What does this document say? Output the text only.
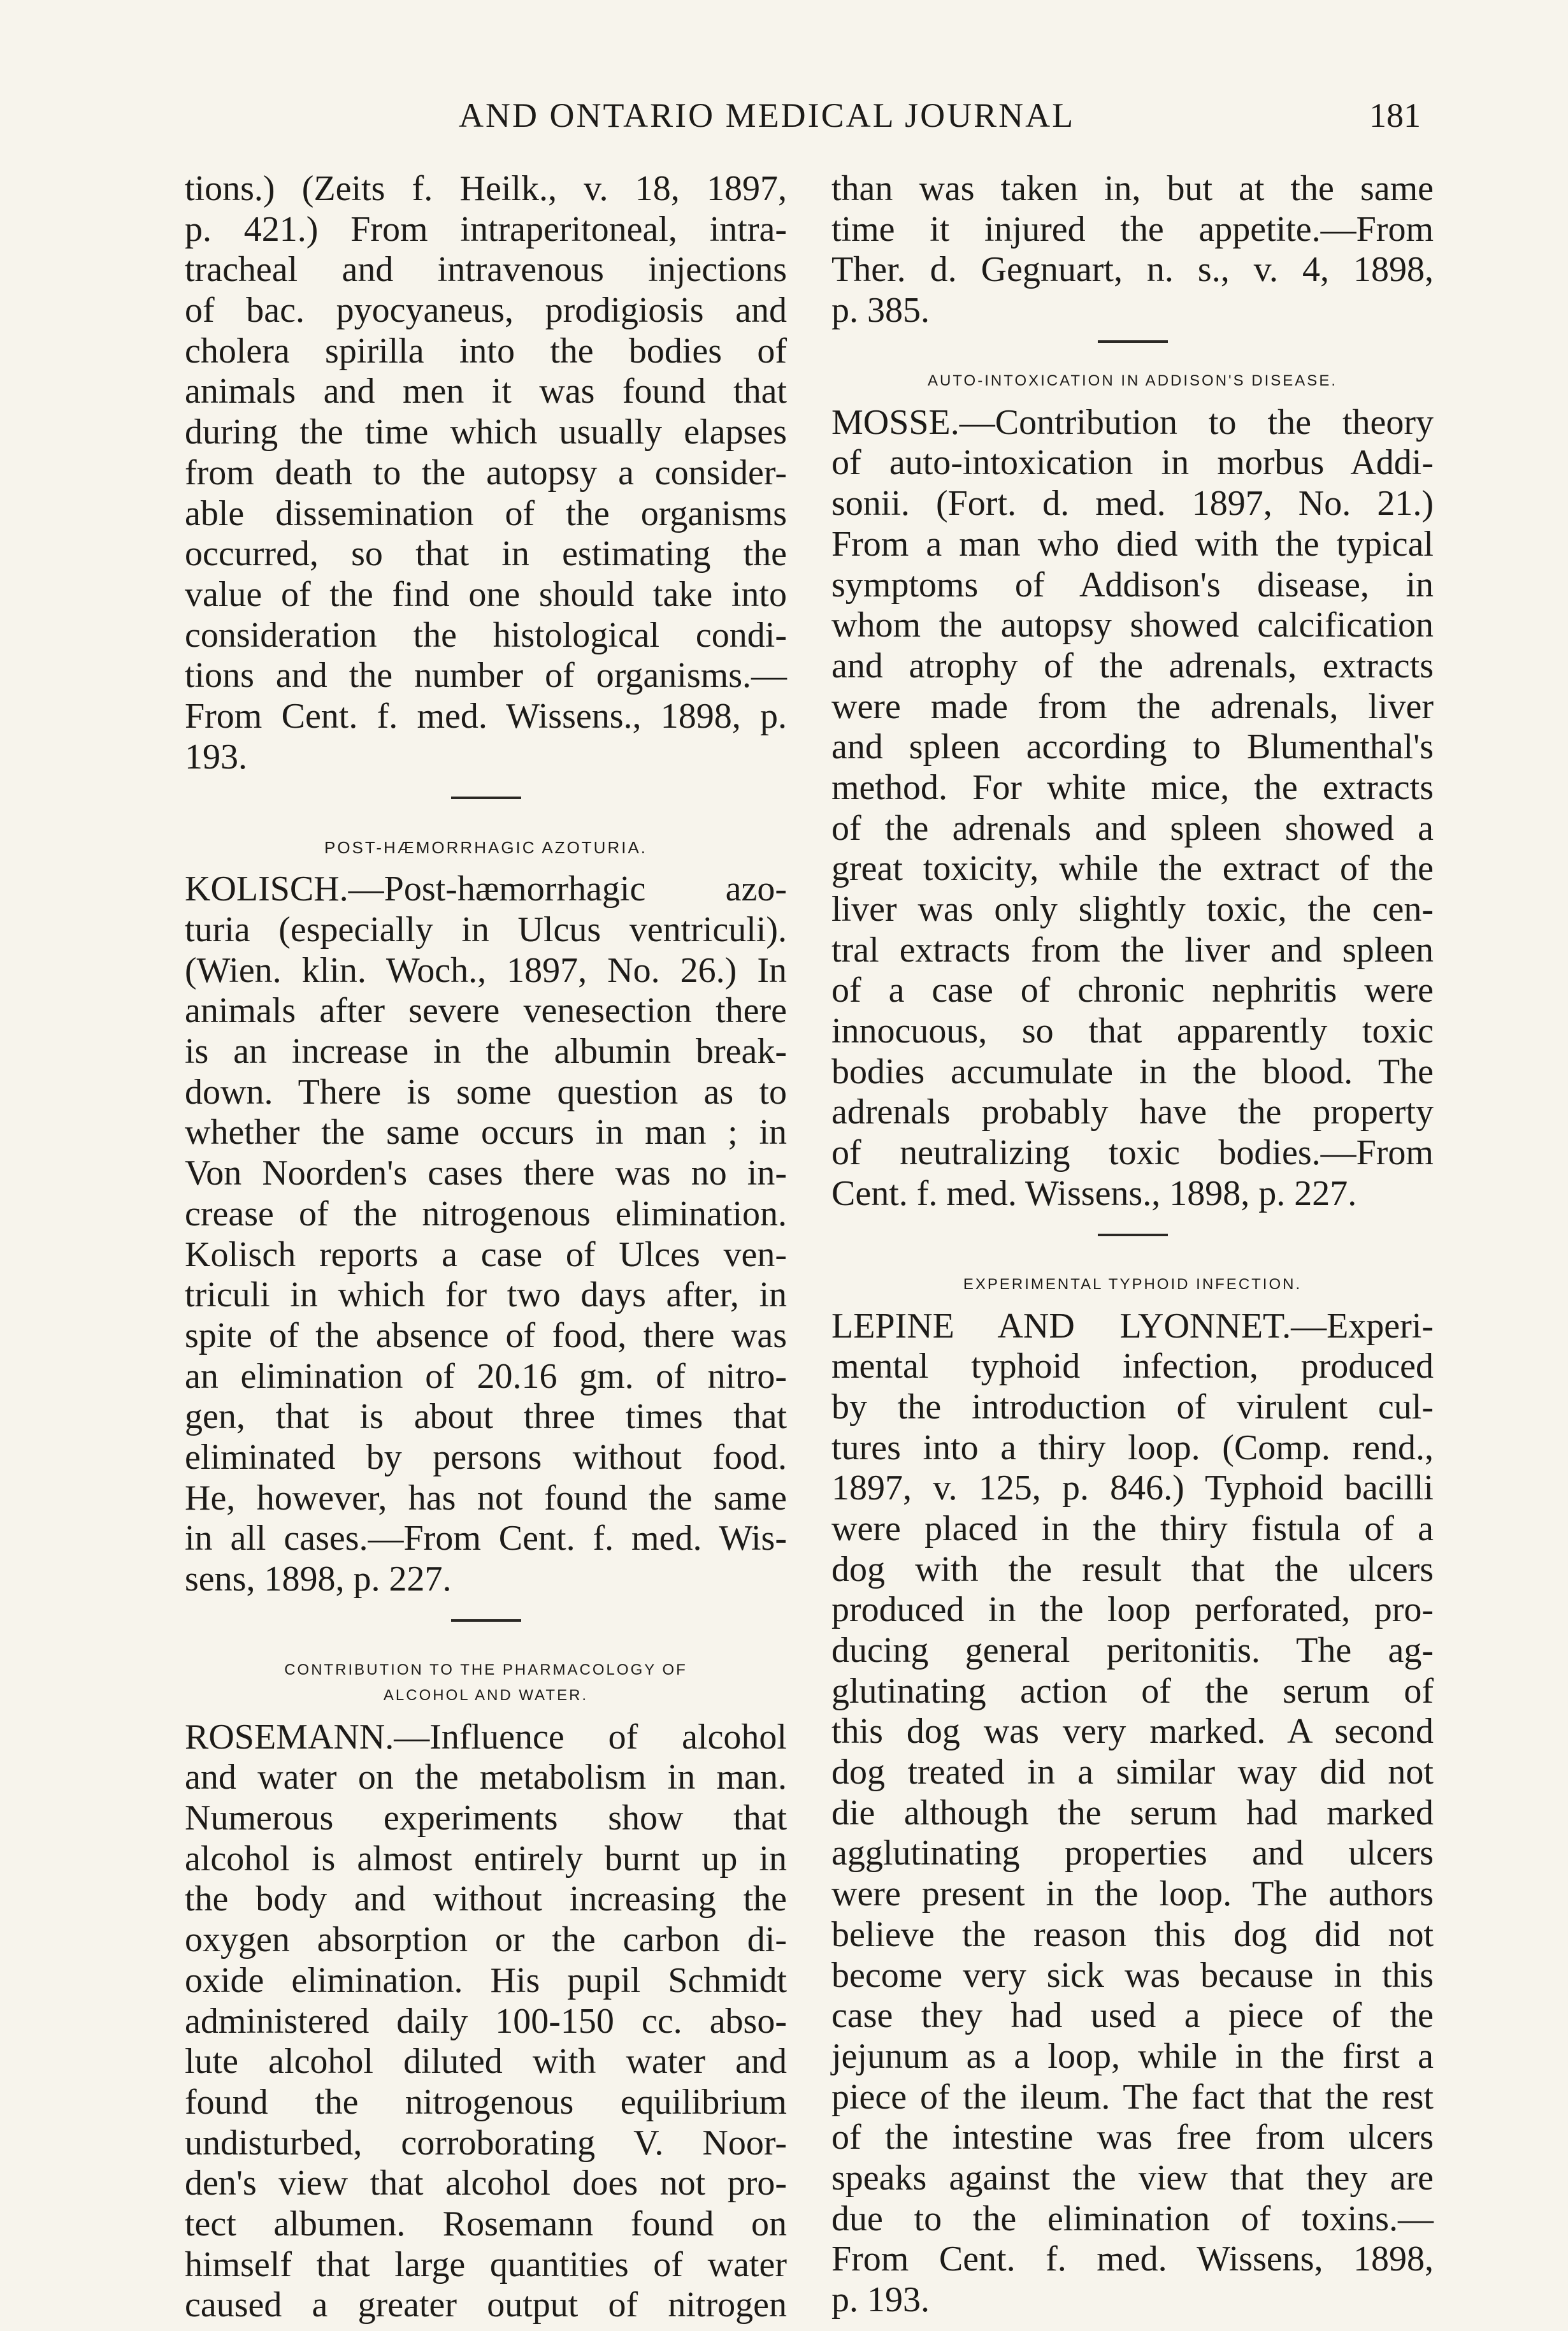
AND ONTARIO MEDICAL JOURNAL	181
tions.) (Zeits f. Heilk., v. 18, 1897,
p. 421.) From intraperitoneal, intra-
tracheal and intravenous injections
of bac. pyocyaneus, prodigiosis and
cholera spirilla into the bodies of
animals and men it was found that
during the time which usually elapses
from death to the autopsy a consider-
able dissemination of the organisms
occurred, so that in estimating the
value of the find one should take into
consideration the histological condi-
tions and the number of organisms.—
From Cent. f. med. Wissens., 1898, p.
193.
POST-HÆMORRHAGIC AZOTURIA.
KOLISCH.—Post-hæmorrhagic azo-
turia (especially in Ulcus ventriculi).
(Wien. klin. Woch., 1897, No. 26.) In
animals after severe venesection there
is an increase in the albumin break-
down. There is some question as to
whether the same occurs in man ; in
Von Noorden's cases there was no in-
crease of the nitrogenous elimination.
Kolisch reports a case of Ulces ven-
triculi in which for two days after, in
spite of the absence of food, there was
an elimination of 20.16 gm. of nitro-
gen, that is about three times that
eliminated by persons without food.
He, however, has not found the same
in all cases.—From Cent. f. med. Wis-
sens, 1898, p. 227.
CONTRIBUTION TO THE PHARMACOLOGY OF
ALCOHOL AND WATER.
ROSEMANN.—Influence of alcohol
and water on the metabolism in man.
Numerous experiments show that
alcohol is almost entirely burnt up in
the body and without increasing the
oxygen absorption or the carbon di-
oxide elimination. His pupil Schmidt
administered daily 100-150 cc. abso-
lute alcohol diluted with water and
found the nitrogenous equilibrium
undisturbed, corroborating V. Noor-
den's view that alcohol does not pro-
tect albumen. Rosemann found on
himself that large quantities of water
caused a greater output of nitrogen
than was taken in, but at the same
time it injured the appetite.—From
Ther. d. Gegnuart, n. s., v. 4, 1898,
p. 385.
AUTO-INTOXICATION IN ADDISON'S DISEASE.
MOSSE.—Contribution to the theory
of auto-intoxication in morbus Addi-
sonii. (Fort. d. med. 1897, No. 21.)
From a man who died with the typical
symptoms of Addison's disease, in
whom the autopsy showed calcification
and atrophy of the adrenals, extracts
were made from the adrenals, liver
and spleen according to Blumenthal's
method. For white mice, the extracts
of the adrenals and spleen showed a
great toxicity, while the extract of the
liver was only slightly toxic, the cen-
tral extracts from the liver and spleen
of a case of chronic nephritis were
innocuous, so that apparently toxic
bodies accumulate in the blood. The
adrenals probably have the property
of neutralizing toxic bodies.—From
Cent. f. med. Wissens., 1898, p. 227.
EXPERIMENTAL TYPHOID INFECTION.
LEPINE AND LYONNET.—Experi-
mental typhoid infection, produced
by the introduction of virulent cul-
tures into a thiry loop. (Comp. rend.,
1897, v. 125, p. 846.) Typhoid bacilli
were placed in the thiry fistula of a
dog with the result that the ulcers
produced in the loop perforated, pro-
ducing general peritonitis. The ag-
glutinating action of the serum of
this dog was very marked. A second
dog treated in a similar way did not
die although the serum had marked
agglutinating properties and ulcers
were present in the loop. The authors
believe the reason this dog did not
become very sick was because in this
case they had used a piece of the
jejunum as a loop, while in the first a
piece of the ileum. The fact that the rest
of the intestine was free from ulcers
speaks against the view that they are
due to the elimination of toxins.—
From Cent. f. med. Wissens, 1898,
p. 193.
